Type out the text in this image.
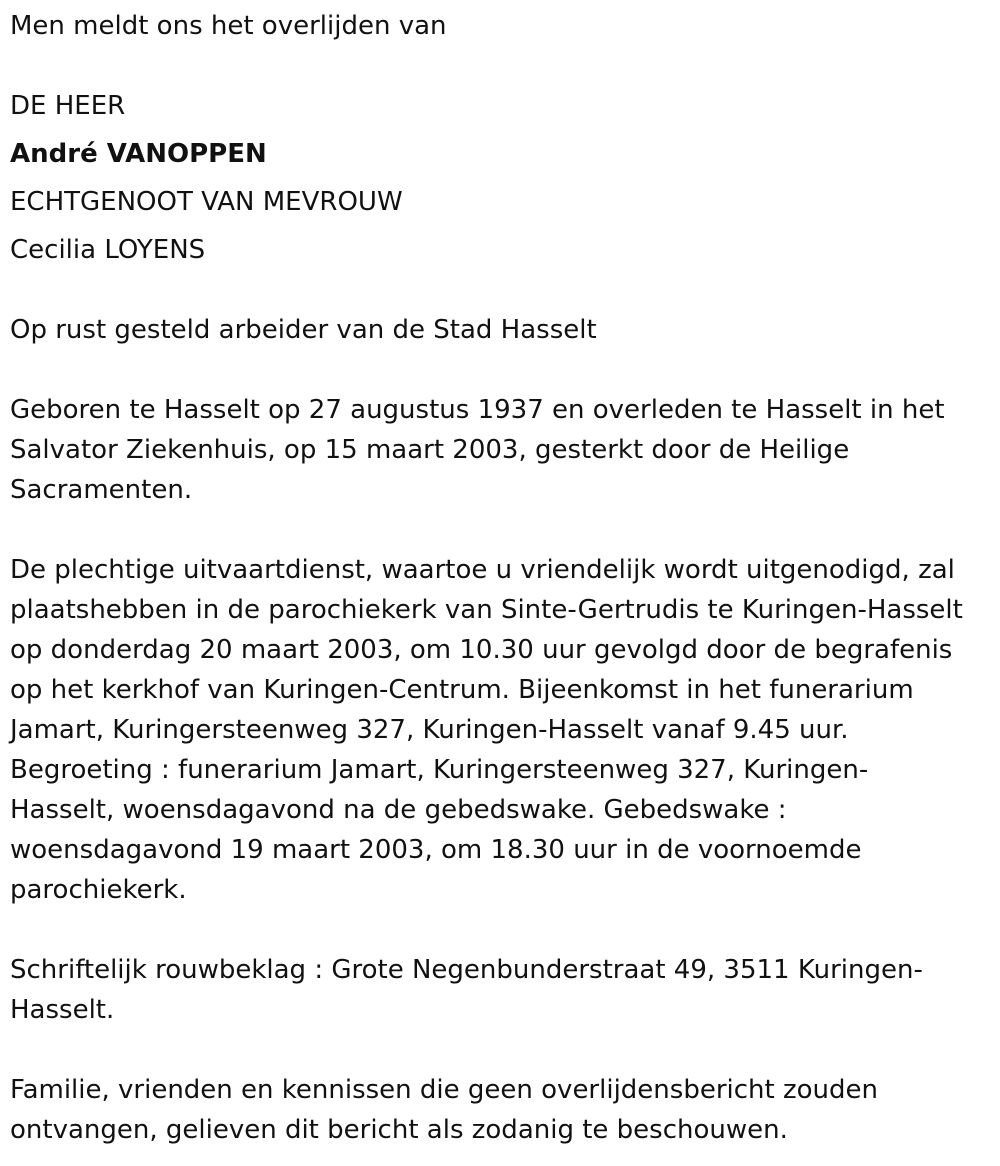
Men meldt ons het overlijden van

DE HEER

André VANOPPEN

ECHTGENOOT VAN MEVROUW

Cecilia LOYENS

Op rust gesteld arbeider van de Stad Hasselt

Geboren te Hasselt op 27 augustus 1937 en overleden te Hasselt in het

Salvator Ziekenhuis, op 15 maart 2003, gesterkt door de Heilige

Sacramenten.

De plechtige uitvaartdienst, waartoe u vriendelijk wordt uitgenodigd, zal

plaatshebben in de parochiekerk van Sinte-Gertrudis te Kuringen-Hasselt

op donderdag 20 maart 2003, om 10.30 uur gevolgd door de begrafenis

op het kerkhof van Kuringen-Centrum. Bijeenkomst in het funerarium

Jamart, Kuringersteenweg 327, Kuringen-Hasselt vanaf 9.45 uur.

Begroeting : funerarium Jamart, Kuringersteenweg 327, Kuringen-

Hasselt, woensdagavond na de gebedswake. Gebedswake :

woensdagavond 19 maart 2003, om 18.30 uur in de voornoemde

parochiekerk.

Schriftelijk rouwbeklag : Grote Negenbunderstraat 49, 3511 Kuringen-

Hasselt.

Familie, vrienden en kennissen die geen overlijdensbericht zouden

ontvangen, gelieven dit bericht als zodanig te beschouwen.
